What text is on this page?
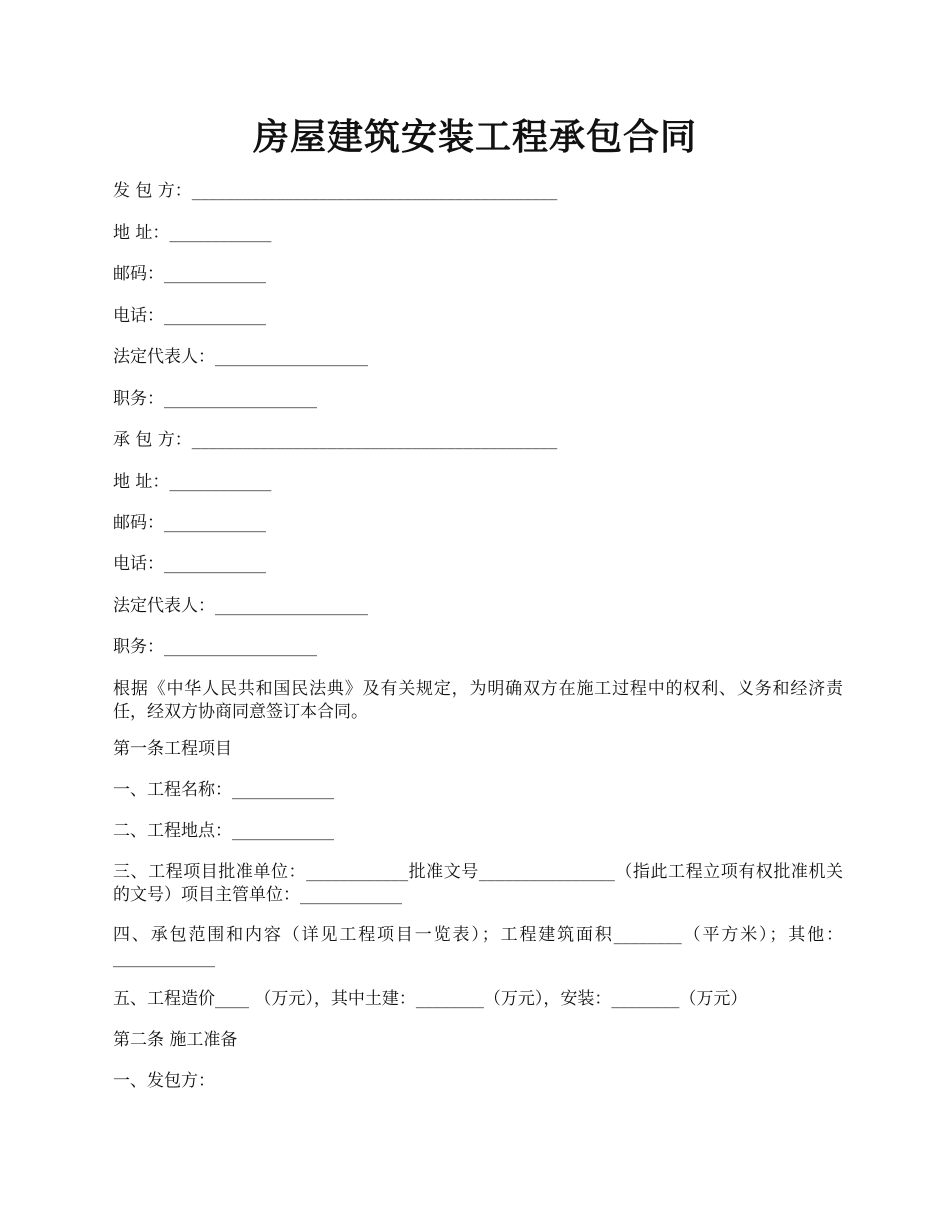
房屋建筑安装工程承包合同
发 包 方：___________________________________________
地 址：____________
邮码：____________
电话：____________
法定代表人：__________________
职务：__________________
承 包 方：___________________________________________
地 址：____________
邮码：____________
电话：____________
法定代表人：__________________
职务：__________________
根据《中华人民共和国民法典》及有关规定，为明确双方在施工过程中的权利、义务和经济责任，经双方协商同意签订本合同。
第一条工程项目
一、工程名称：____________
二、工程地点：____________
三、工程项目批准单位：____________批准文号________________（指此工程立项有权批准机关的文号）项目主管单位：____________
四、承包范围和内容（详见工程项目一览表）；工程建筑面积________（平方米）；其他：____________
五、工程造价____ （万元），其中土建：________（万元），安装：________（万元）
第二条 施工准备
一、发包方：
